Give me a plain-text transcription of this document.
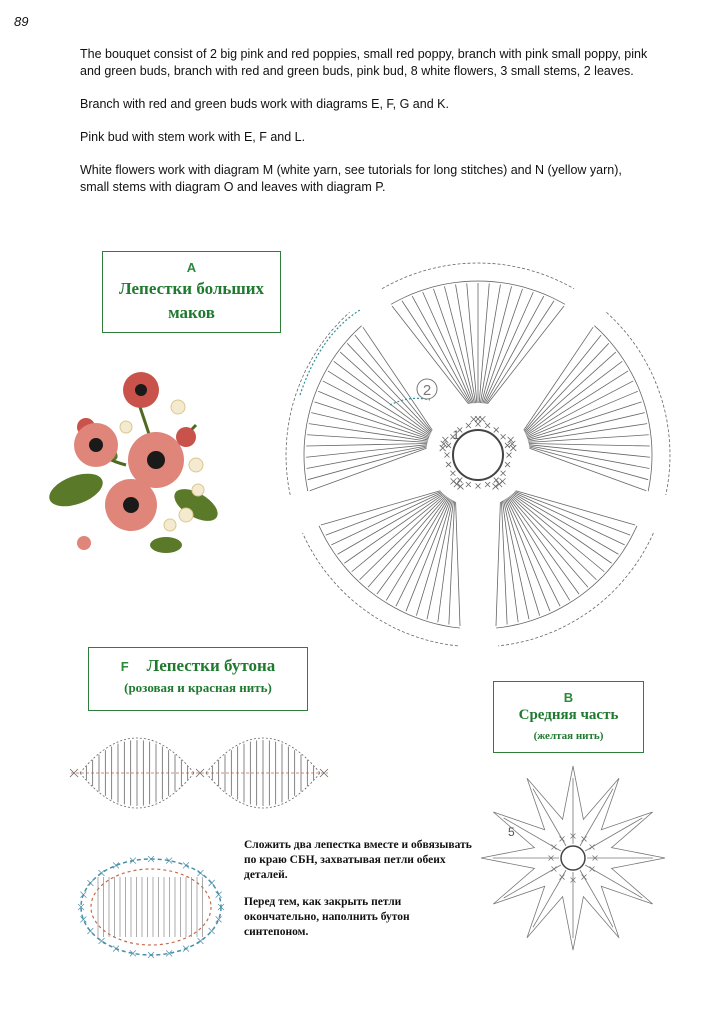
89

The bouquet consist of 2 big pink and red poppies, small red poppy, branch with pink small poppy, pink and green buds, branch with red and green buds, pink bud, 8 white flowers, 3 small stems, 2 leaves.

Branch with red and green buds work with diagrams E, F, G and K.

Pink bud with stem work with E, F and L.

White flowers work with diagram M (white yarn, see tutorials for long stitches) and N (yellow yarn), small stems with diagram O and leaves with diagram P.

A
Лепестки больших
маков
2
1
F Лепестки бутона
(розовая и красная нить)
B
Средняя часть
(желтая нить)
5

Сложить два лепестка вместе и обвязывать по краю СБН, захватывая петли обеих деталей.

Перед тем, как закрыть петли окончательно, наполнить бутон синтепоном.
